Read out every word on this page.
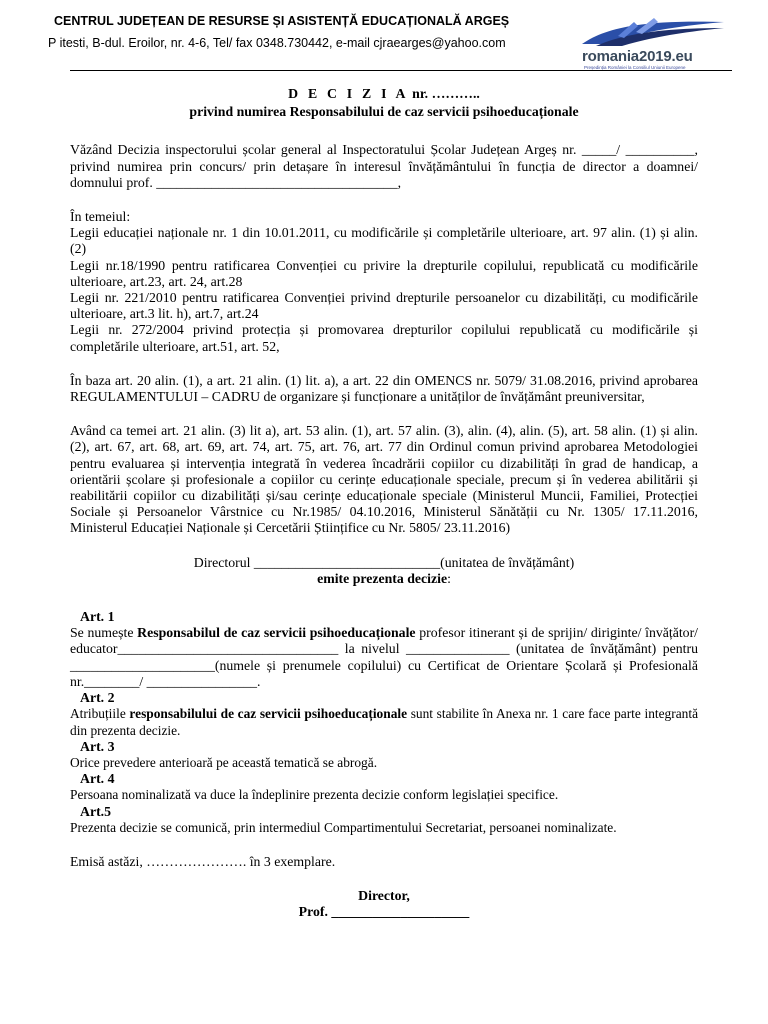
CENTRUL JUDEȚEAN DE RESURSE ȘI ASISTENȚĂ EDUCAȚIONALĂ ARGEȘ
P itesti, B-dul. Eroilor, nr. 4-6, Tel/ fax 0348.730442, e-mail cjraearges@yahoo.com
romania2019.eu
Președinția României la Consiliul Uniunii Europene

D E C I Z I A nr. ………..

privind numirea Responsabilului de caz servicii psihoeducaționale

Văzând Decizia inspectorului școlar general al Inspectoratului Școlar Județean Argeș nr. _____/ __________, privind numirea prin concurs/ prin detașare în interesul învățământului în funcția de director a doamnei/ domnului prof. ___________________________________,

În temeiul:

Legii educației naționale nr. 1 din 10.01.2011, cu modificările și completările ulterioare, art. 97 alin. (1) și alin. (2)

Legii nr.18/1990 pentru ratificarea Convenției cu privire la drepturile copilului, republicată cu modificările ulterioare, art.23, art. 24, art.28

Legii nr. 221/2010 pentru ratificarea Convenției privind drepturile persoanelor cu dizabilități, cu modificările ulterioare, art.3 lit. h), art.7, art.24

Legii nr. 272/2004 privind protecția și promovarea drepturilor copilului republicată cu modificările și completările ulterioare, art.51, art. 52,

În baza art. 20 alin. (1), a art. 21 alin. (1) lit. a), a art. 22 din OMENCS nr. 5079/ 31.08.2016, privind aprobarea REGULAMENTULUI – CADRU de organizare și funcționare a unităților de învățământ preuniversitar,

Având ca temei art. 21 alin. (3) lit a), art. 53 alin. (1), art. 57 alin. (3), alin. (4), alin. (5), art. 58 alin. (1) și alin. (2), art. 67, art. 68, art. 69, art. 74, art. 75, art. 76, art. 77 din Ordinul comun privind aprobarea Metodologiei pentru evaluarea și intervenția integrată în vederea încadrării copiilor cu dizabilități în grad de handicap, a orientării școlare și profesionale a copiilor cu cerințe educaționale speciale, precum și în vederea abilitării și reabilitării copiilor cu dizabilități și/sau cerințe educaționale speciale (Ministerul Muncii, Familiei, Protecției Sociale și Persoanelor Vârstnice cu Nr.1985/ 04.10.2016, Ministerul Sănătății cu Nr. 1305/ 17.11.2016, Ministerul Educației Naționale și Cercetării Științifice cu Nr. 5805/ 23.11.2016)

Directorul ___________________________(unitatea de învățământ)

emite prezenta decizie:

Art. 1

Se numește Responsabilul de caz servicii psihoeducaționale profesor itinerant și de sprijin/ diriginte/ învățător/ educator________________________________ la nivelul _______________ (unitatea de învățământ) pentru _____________________(numele și prenumele copilului) cu Certificat de Orientare Școlară și Profesională nr.________/ ________________.

Art. 2

Atribuțiile responsabilului de caz servicii psihoeducaționale sunt stabilite în Anexa nr. 1 care face parte integrantă din prezenta decizie.

Art. 3

Orice prevedere anterioară pe această tematică se abrogă.

Art. 4

Persoana nominalizată va duce la îndeplinire prezenta decizie conform legislației specifice.

Art.5

Prezenta decizie se comunică, prin intermediul Compartimentului Secretariat, persoanei nominalizate.

Emisă astăzi, …………………. în 3 exemplare.

Director,

Prof. ____________________
